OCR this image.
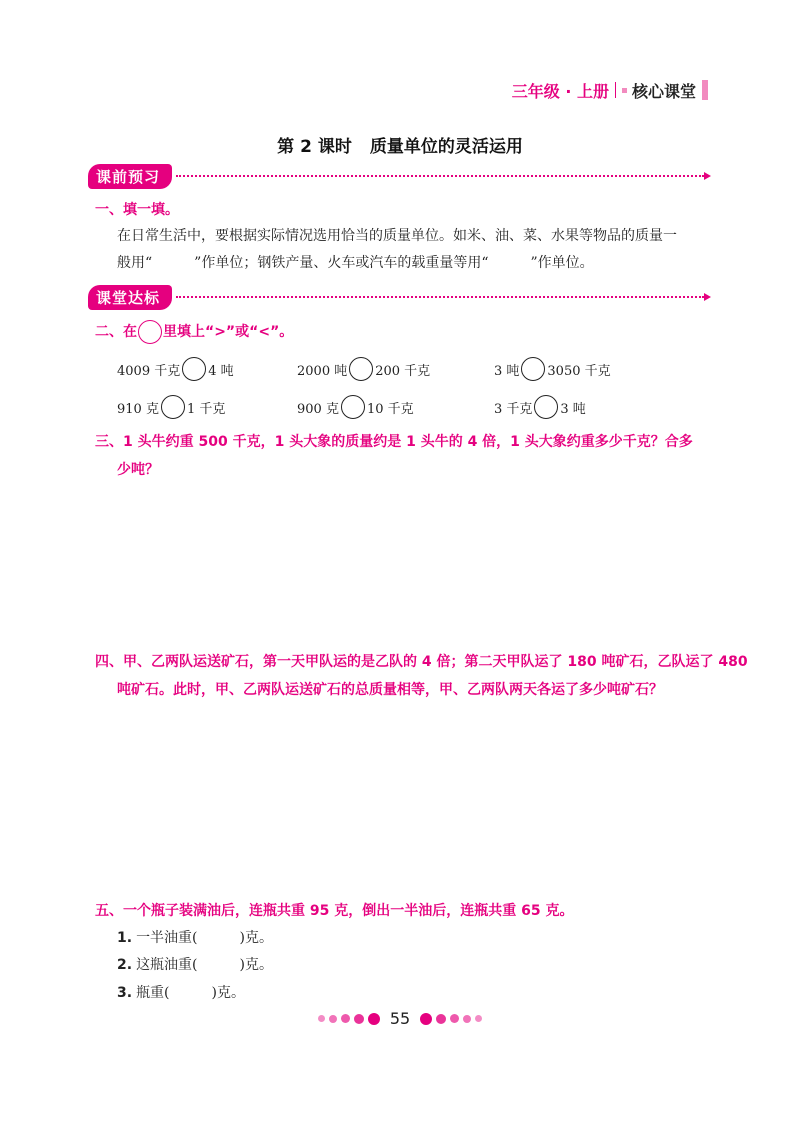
三年级 · 上册 核心课堂
第 2 课时 质量单位的灵活运用
课前预习
一、填一填。
在日常生活中，要根据实际情况选用恰当的质量单位。如米、油、菜、水果等物品的质量一
般用“	”作单位；钢铁产量、火车或汽车的载重量等用“	”作单位。
课堂达标
二、在 里填上“>”或“<”。
4009 千克 4 吨	2000 吨 200 千克	3 吨 3050 千克
910 克 1 千克	900 克 10 千克	3 千克 3 吨
三、1 头牛约重 500 千克，1 头大象的质量约是 1 头牛的 4 倍，1 头大象约重多少千克？合多
少吨？
四、甲、乙两队运送矿石，第一天甲队运的是乙队的 4 倍；第二天甲队运了 180 吨矿石，乙队运了 480
吨矿石。此时，甲、乙两队运送矿石的总质量相等，甲、乙两队两天各运了多少吨矿石？
五、一个瓶子装满油后，连瓶共重 95 克，倒出一半油后，连瓶共重 65 克。
1. 一半油重(	)克。
2. 这瓶油重(	)克。
3. 瓶重(	)克。
55
